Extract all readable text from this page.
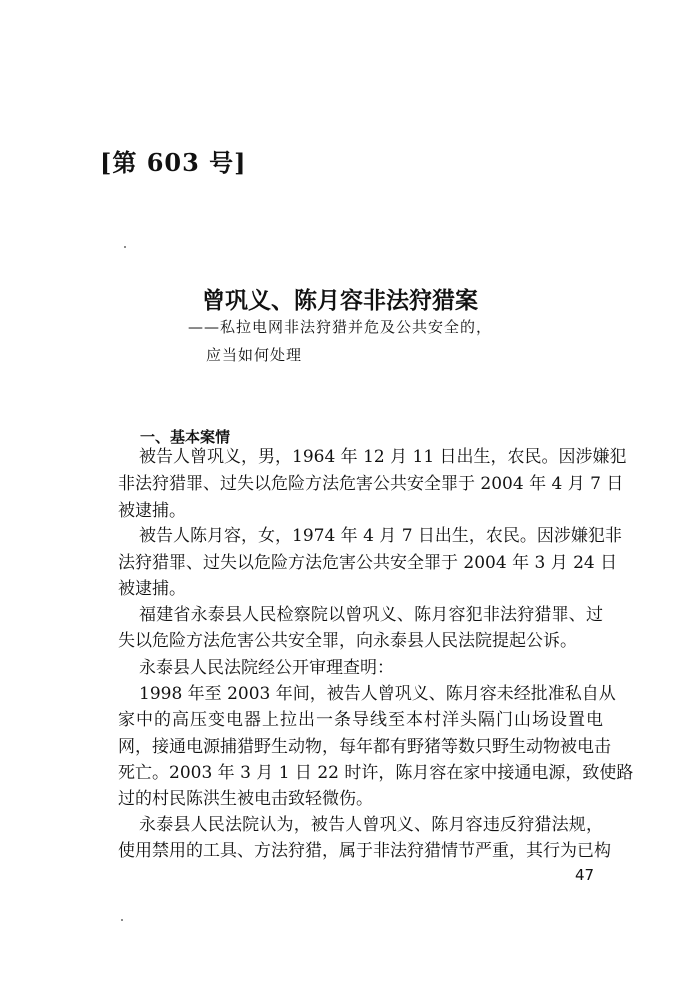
[第 603 号]
曾巩义、陈月容非法狩猎案
——私拉电网非法狩猎并危及公共安全的，
应当如何处理
一、基本案情
被告人曾巩义，男，1964 年 12 月 11 日出生，农民。因涉嫌犯
非法狩猎罪、过失以危险方法危害公共安全罪于 2004 年 4 月 7 日
被逮捕。
被告人陈月容，女，1974 年 4 月 7 日出生，农民。因涉嫌犯非
法狩猎罪、过失以危险方法危害公共安全罪于 2004 年 3 月 24 日
被逮捕。
福建省永泰县人民检察院以曾巩义、陈月容犯非法狩猎罪、过
失以危险方法危害公共安全罪，向永泰县人民法院提起公诉。
永泰县人民法院经公开审理查明：
1998 年至 2003 年间，被告人曾巩义、陈月容未经批准私自从
家中的高压变电器上拉出一条导线至本村洋头隔门山场设置电
网，接通电源捕猎野生动物，每年都有野猪等数只野生动物被电击
死亡。2003 年 3 月 1 日 22 时许，陈月容在家中接通电源，致使路
过的村民陈洪生被电击致轻微伤。
永泰县人民法院认为，被告人曾巩义、陈月容违反狩猎法规，
使用禁用的工具、方法狩猎，属于非法狩猎情节严重，其行为已构
47
